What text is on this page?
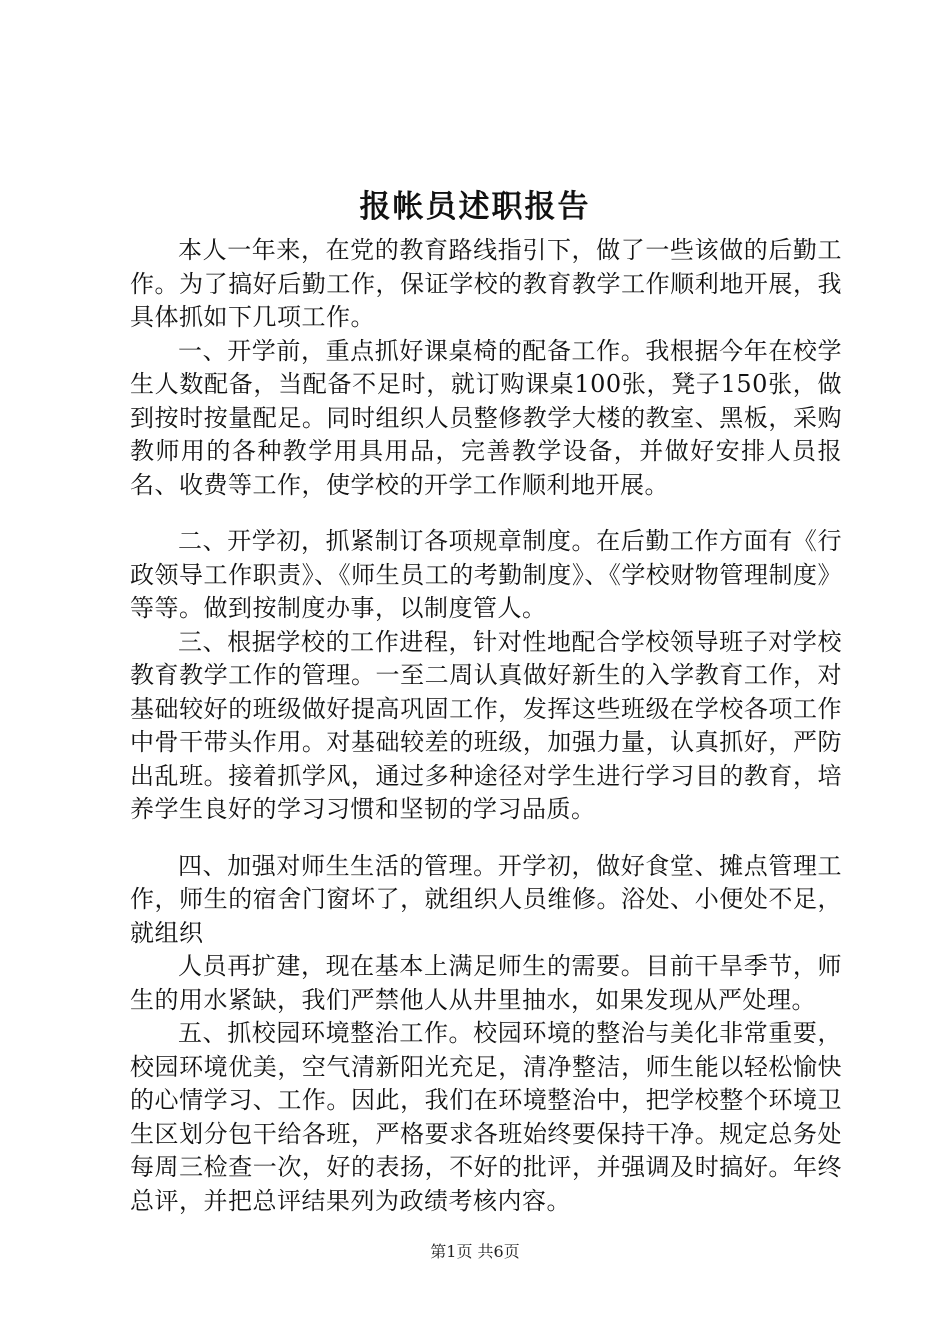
报帐员述职报告

本人一年来，在党的教育路线指引下，做了一些该做的后勤工作。为了搞好后勤工作，保证学校的教育教学工作顺利地开展，我具体抓如下几项工作。

一、开学前，重点抓好课桌椅的配备工作。我根据今年在校学生人数配备，当配备不足时，就订购课桌100张，凳子150张，做到按时按量配足。同时组织人员整修教学大楼的教室、黑板，采购教师用的各种教学用具用品，完善教学设备，并做好安排人员报名、收费等工作，使学校的开学工作顺利地开展。

二、开学初，抓紧制订各项规章制度。在后勤工作方面有《行政领导工作职责》、《师生员工的考勤制度》、《学校财物管理制度》等等。做到按制度办事，以制度管人。

三、根据学校的工作进程，针对性地配合学校领导班子对学校教育教学工作的管理。一至二周认真做好新生的入学教育工作，对基础较好的班级做好提高巩固工作，发挥这些班级在学校各项工作中骨干带头作用。对基础较差的班级，加强力量，认真抓好，严防出乱班。接着抓学风，通过多种途径对学生进行学习目的教育，培养学生良好的学习习惯和坚韧的学习品质。

四、加强对师生生活的管理。开学初，做好食堂、摊点管理工作，师生的宿舍门窗坏了，就组织人员维修。浴处、小便处不足，就组织

人员再扩建，现在基本上满足师生的需要。目前干旱季节，师生的用水紧缺，我们严禁他人从井里抽水，如果发现从严处理。

五、抓校园环境整治工作。校园环境的整治与美化非常重要，校园环境优美，空气清新阳光充足，清净整洁，师生能以轻松愉快的心情学习、工作。因此，我们在环境整治中，把学校整个环境卫生区划分包干给各班，严格要求各班始终要保持干净。规定总务处每周三检查一次，好的表扬，不好的批评，并强调及时搞好。年终总评，并把总评结果列为政绩考核内容。

第1页 共6页
